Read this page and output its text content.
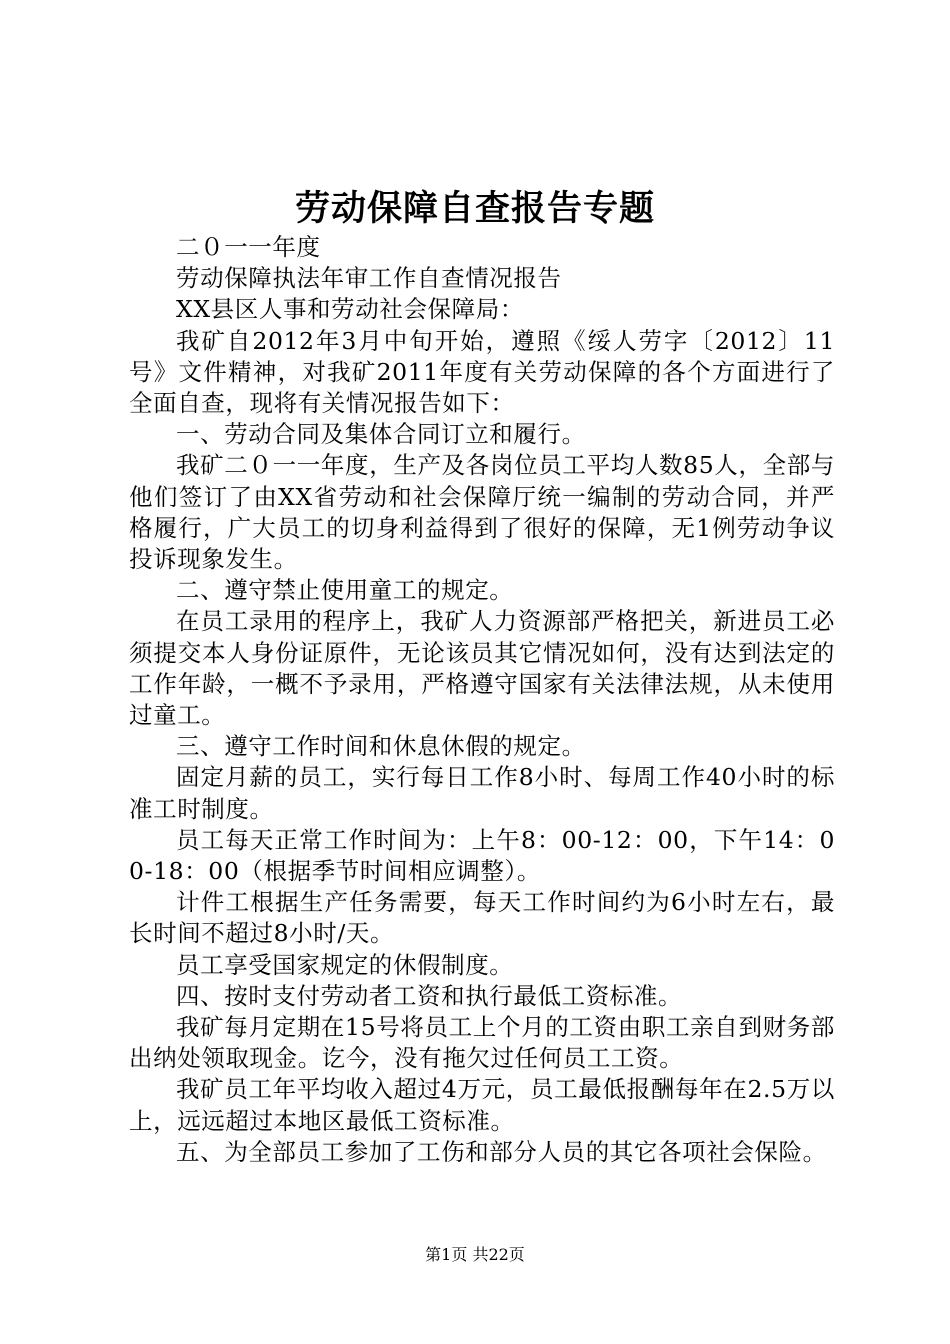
劳动保障自查报告专题

二０一一年度

劳动保障执法年审工作自查情况报告

XX县区人事和劳动社会保障局：

我矿自2012年3月中旬开始，遵照《绥人劳字〔2012〕11号》文件精神，对我矿2011年度有关劳动保障的各个方面进行了全面自查，现将有关情况报告如下：

一、劳动合同及集体合同订立和履行。

我矿二０一一年度，生产及各岗位员工平均人数85人，全部与他们签订了由XX省劳动和社会保障厅统一编制的劳动合同，并严格履行，广大员工的切身利益得到了很好的保障，无1例劳动争议投诉现象发生。

二、遵守禁止使用童工的规定。

在员工录用的程序上，我矿人力资源部严格把关，新进员工必须提交本人身份证原件，无论该员其它情况如何，没有达到法定的工作年龄，一概不予录用，严格遵守国家有关法律法规，从未使用过童工。

三、遵守工作时间和休息休假的规定。

固定月薪的员工，实行每日工作8小时、每周工作40小时的标准工时制度。

员工每天正常工作时间为：上午8：00-12：00，下午14：00-18：00（根据季节时间相应调整）。

计件工根据生产任务需要，每天工作时间约为6小时左右，最长时间不超过8小时/天。

员工享受国家规定的休假制度。

四、按时支付劳动者工资和执行最低工资标准。

我矿每月定期在15号将员工上个月的工资由职工亲自到财务部出纳处领取现金。讫今，没有拖欠过任何员工工资。

我矿员工年平均收入超过4万元，员工最低报酬每年在2.5万以上，远远超过本地区最低工资标准。

五、为全部员工参加了工伤和部分人员的其它各项社会保险。

第1页 共22页
